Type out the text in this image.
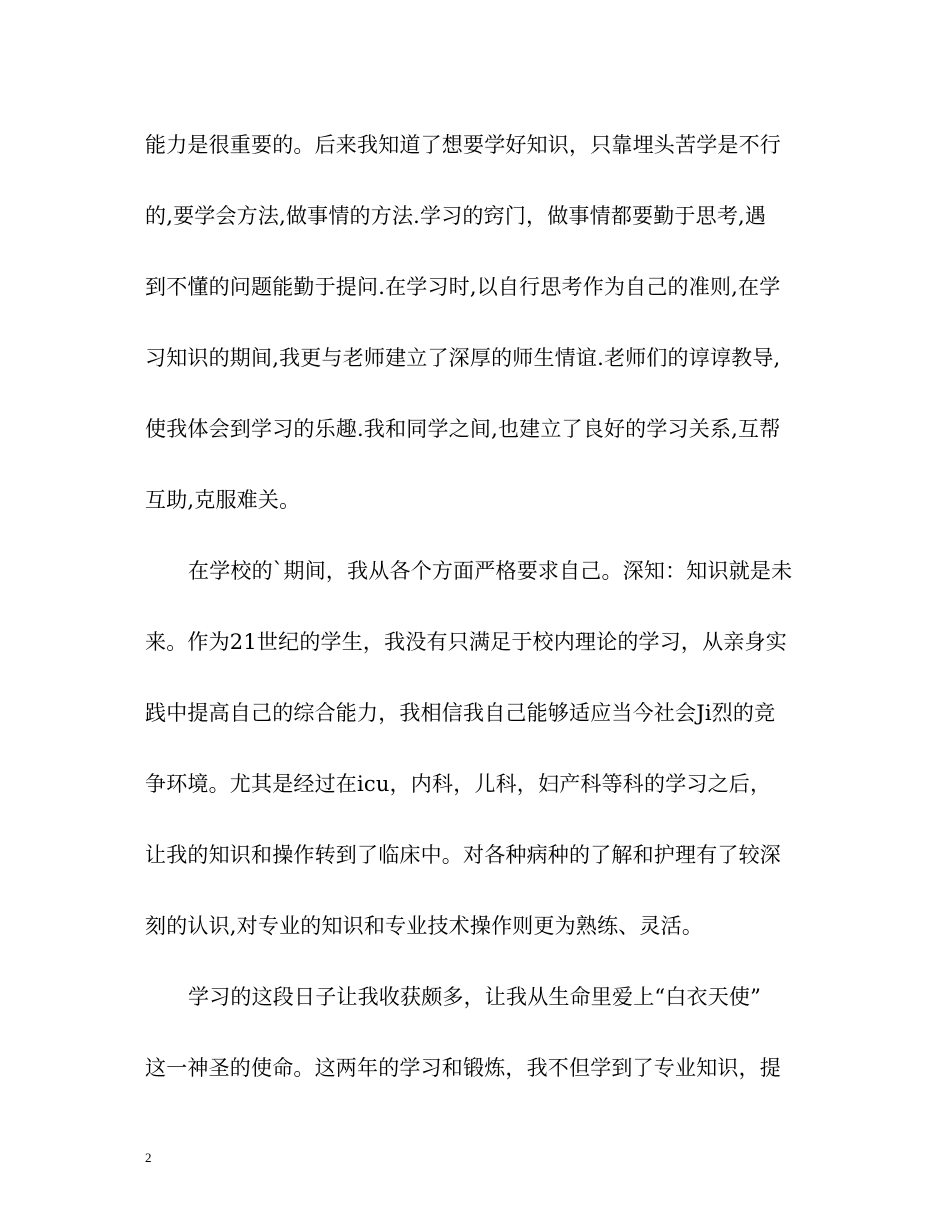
能力是很重要的。后来我知道了想要学好知识，只靠埋头苦学是不行
的,要学会方法,做事情的方法.学习的窍门，做事情都要勤于思考,遇
到不懂的问题能勤于提问.在学习时,以自行思考作为自己的准则,在学
习知识的期间,我更与老师建立了深厚的师生情谊.老师们的谆谆教导,
使我体会到学习的乐趣.我和同学之间,也建立了良好的学习关系,互帮
互助,克服难关。
在学校的`期间，我从各个方面严格要求自己。深知：知识就是未
来。作为21世纪的学生，我没有只满足于校内理论的学习，从亲身实
践中提高自己的综合能力，我相信我自己能够适应当今社会Ji烈的竞
争环境。尤其是经过在icu，内科，儿科，妇产科等科的学习之后，
让我的知识和操作转到了临床中。对各种病种的了解和护理有了较深
刻的认识,对专业的知识和专业技术操作则更为熟练、灵活。
学习的这段日子让我收获颇多，让我从生命里爱上“白衣天使”
这一神圣的使命。这两年的学习和锻炼，我不但学到了专业知识，提
2
